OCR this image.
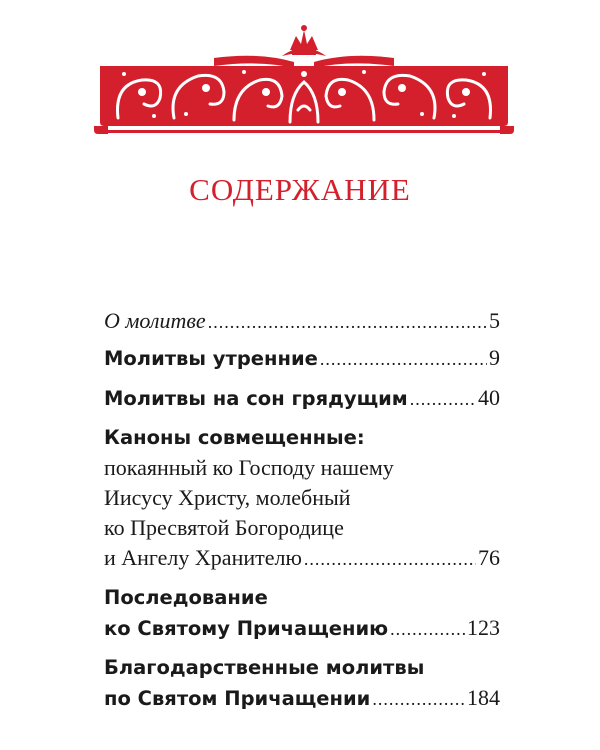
СОДЕРЖАНИЕ
О молитве .....	5
Молитвы утренние .....	9
Молитвы на сон грядущим .....	40
Каноны совмещенные:
покаянный ко Господу нашему
Иисусу Христу, молебный
ко Пресвятой Богородице
и Ангелу Хранителю .....	76
Последование
ко Святому Причащению .....	123
Благодарственные молитвы
по Святом Причащении .....	184
